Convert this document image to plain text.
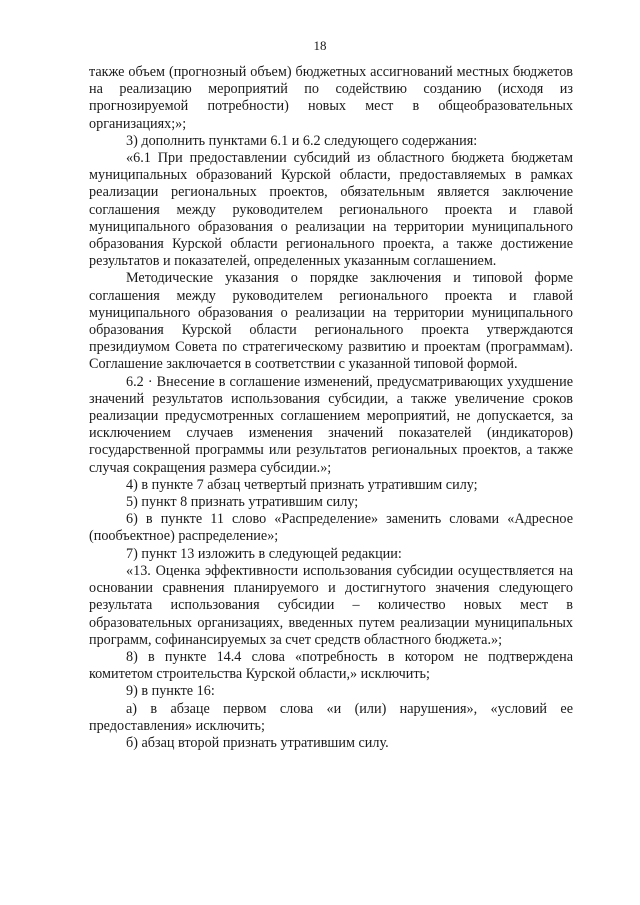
18

также объем (прогнозный объем) бюджетных ассигнований местных бюджетов на реализацию мероприятий по содействию созданию (исходя из прогнозируемой потребности) новых мест в общеобразовательных организациях;»;

3) дополнить пунктами 6.1 и 6.2 следующего содержания:

«6.1 При предоставлении субсидий из областного бюджета бюджетам муниципальных образований Курской области, предоставляемых в рамках реализации региональных проектов, обязательным является заключение соглашения между руководителем регионального проекта и главой муниципального образования о реализации на территории муниципального образования Курской области регионального проекта, а также достижение результатов и показателей, определенных указанным соглашением.

Методические указания о порядке заключения и типовой форме соглашения между руководителем регионального проекта и главой муниципального образования о реализации на территории муниципального образования Курской области регионального проекта утверждаются президиумом Совета по стратегическому развитию и проектам (программам). Соглашение заключается в соответствии с указанной типовой формой.

6.2 · Внесение в соглашение изменений, предусматривающих ухудшение значений результатов использования субсидии, а также увеличение сроков реализации предусмотренных соглашением мероприятий, не допускается, за исключением случаев изменения значений показателей (индикаторов) государственной программы или результатов региональных проектов, а также случая сокращения размера субсидии.»;

4) в пункте 7 абзац четвертый признать утратившим силу;

5) пункт 8 признать утратившим силу;

6) в пункте 11 слово «Распределение» заменить словами «Адресное (пообъектное) распределение»;

7) пункт 13 изложить в следующей редакции:

«13. Оценка эффективности использования субсидии осуществляется на основании сравнения планируемого и достигнутого значения следующего результата использования субсидии – количество новых мест в образовательных организациях, введенных путем реализации муниципальных программ, софинансируемых за счет средств областного бюджета.»;

8) в пункте 14.4 слова «потребность в котором не подтверждена комитетом строительства Курской области,» исключить;

9) в пункте 16:

а) в абзаце первом слова «и (или) нарушения», «условий ее предоставления» исключить;

б) абзац второй признать утратившим силу.
